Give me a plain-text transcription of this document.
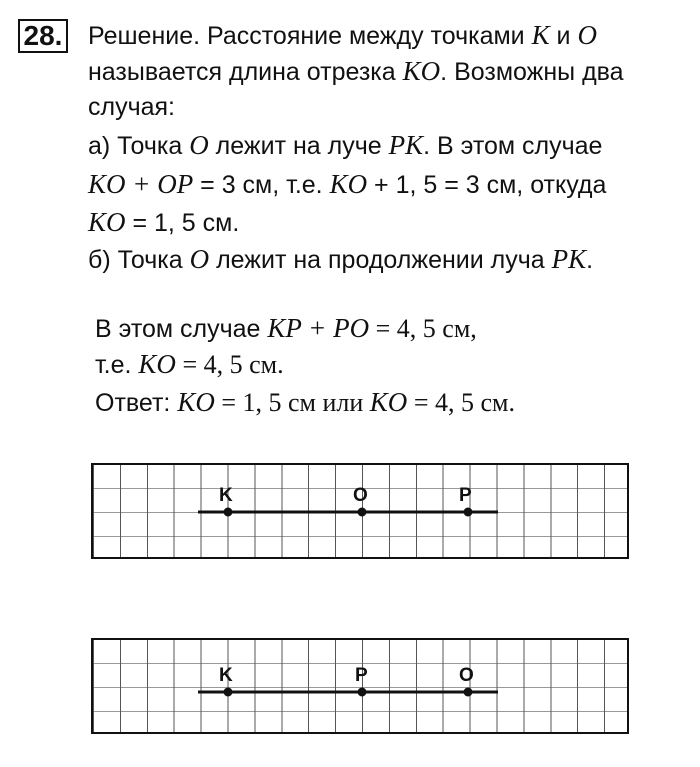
28. Решение. Расстояние между точками K и O
называется длина отрезка KO. Возможны два
случая:
а) Точка O лежит на луче PK. В этом случае
KO + OP = 3 см, т.е. KO + 1, 5 = 3 см, откуда
KO = 1, 5 см.
б) Точка O лежит на продолжении луча PK.
В этом случае KP + PO = 4, 5 см,
т.е. KO = 4, 5 см.
Ответ: KO = 1, 5 см или KO = 4, 5 см.
K	O	P
K	P	O
